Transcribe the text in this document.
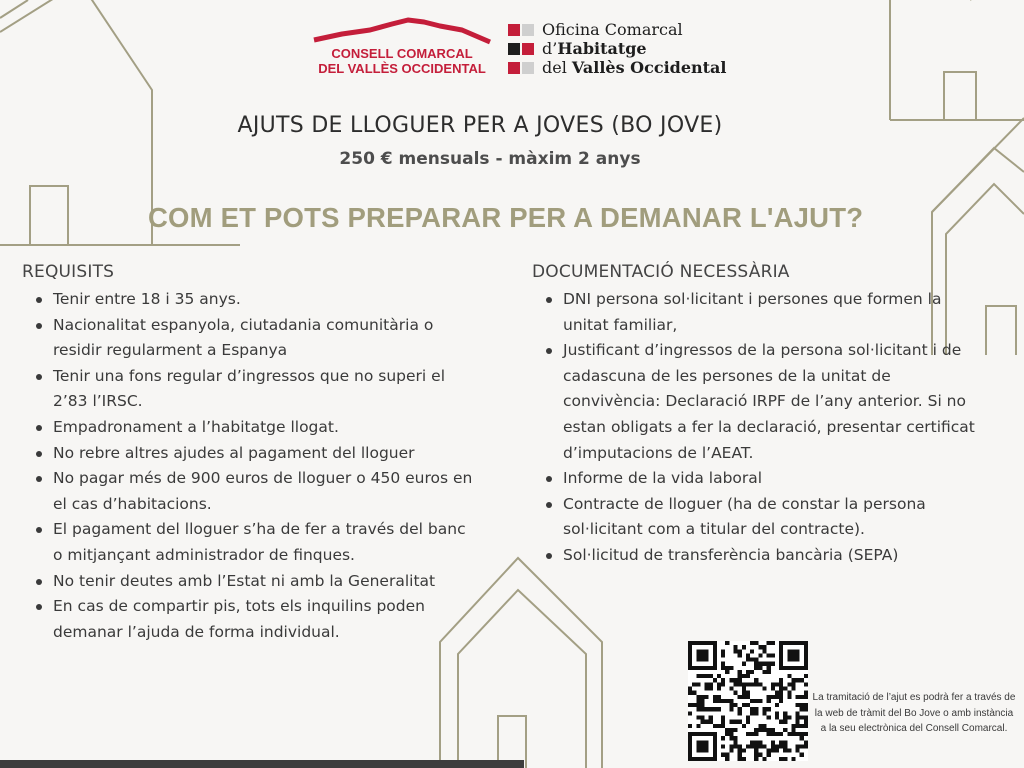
CONSELL COMARCAL
DEL VALLÈS OCCIDENTAL
Oficina Comarcal
d’Habitatge
del Vallès Occidental
AJUTS DE LLOGUER PER A JOVES (BO JOVE)
250 € mensuals - màxim 2 anys
COM ET POTS PREPARAR PER A DEMANAR L'AJUT?
REQUISITS
Tenir entre 18 i 35 anys.
Nacionalitat espanyola, ciutadania comunitària o residir regularment a Espanya
Tenir una fons regular d’ingressos que no superi el 2’83 l’IRSC.
Empadronament a l’habitatge llogat.
No rebre altres ajudes al pagament del lloguer
No pagar més de 900 euros de lloguer o 450 euros en el cas d’habitacions.
El pagament del lloguer s’ha de fer a través del banc o mitjançant administrador de finques.
No tenir deutes amb l’Estat ni amb la Generalitat
En cas de compartir pis, tots els inquilins poden demanar l’ajuda de forma individual.
DOCUMENTACIÓ NECESSÀRIA
DNI persona sol·licitant i persones que formen la unitat familiar,
Justificant d’ingressos de la persona sol·licitant i de cadascuna de les persones de la unitat de convivència: Declaració IRPF de l’any anterior. Si no estan obligats a fer la declaració, presentar certificat d’imputacions de l’AEAT.
Informe de la vida laboral
Contracte de lloguer (ha de constar la persona sol·licitant com a titular del contracte).
Sol·licitud de transferència bancària (SEPA)
La tramitació de l’ajut es podrà fer a través de la web de tràmit del Bo Jove o amb instància a la seu electrònica del Consell Comarcal.
